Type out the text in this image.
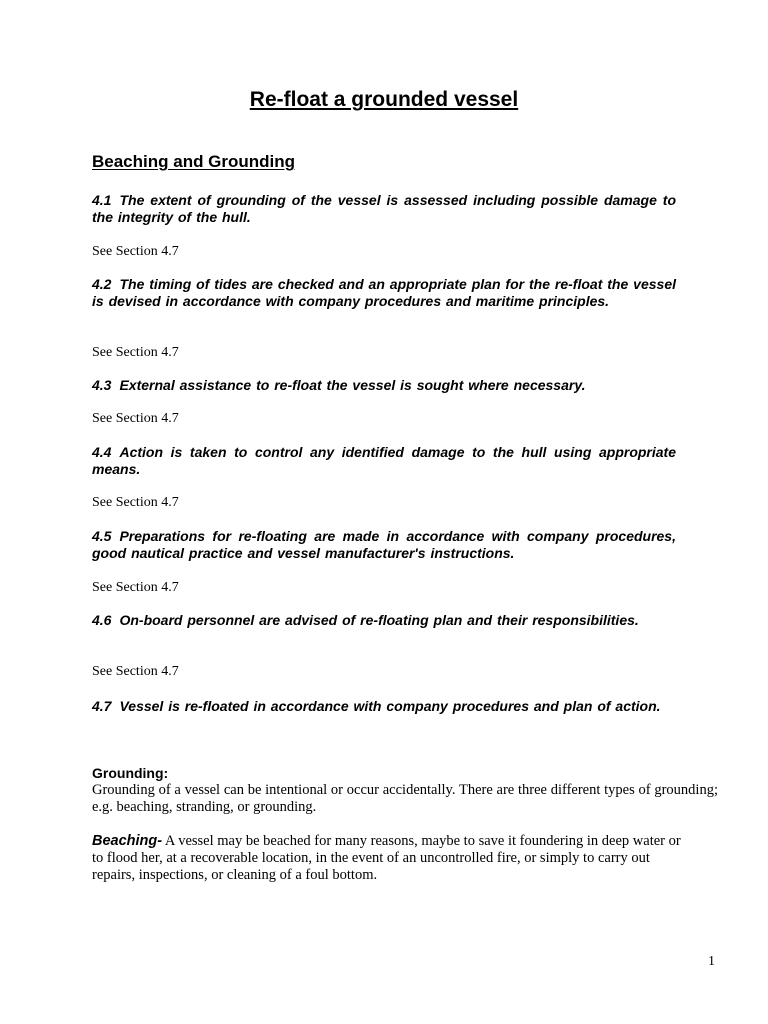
Re-float a grounded vessel
Beaching and Grounding
4.1 The extent of grounding of the vessel is assessed including possible damage to the integrity of the hull.
See Section 4.7
4.2 The timing of tides are checked and an appropriate plan for the re-float the vessel is devised in accordance with company procedures and maritime principles.
See Section 4.7
4.3 External assistance to re-float the vessel is sought where necessary.
See Section 4.7
4.4 Action is taken to control any identified damage to the hull using appropriate means.
See Section 4.7
4.5 Preparations for re-floating are made in accordance with company procedures, good nautical practice and vessel manufacturer's instructions.
See Section 4.7
4.6 On-board personnel are advised of re-floating plan and their responsibilities.
See Section 4.7
4.7 Vessel is re-floated in accordance with company procedures and plan of action.
Grounding:
Grounding of a vessel can be intentional or occur accidentally. There are three different types of grounding; e.g. beaching, stranding, or grounding.
Beaching- A vessel may be beached for many reasons, maybe to save it foundering in deep water or to flood her, at a recoverable location, in the event of an uncontrolled fire, or simply to carry out repairs, inspections, or cleaning of a foul bottom.
1
